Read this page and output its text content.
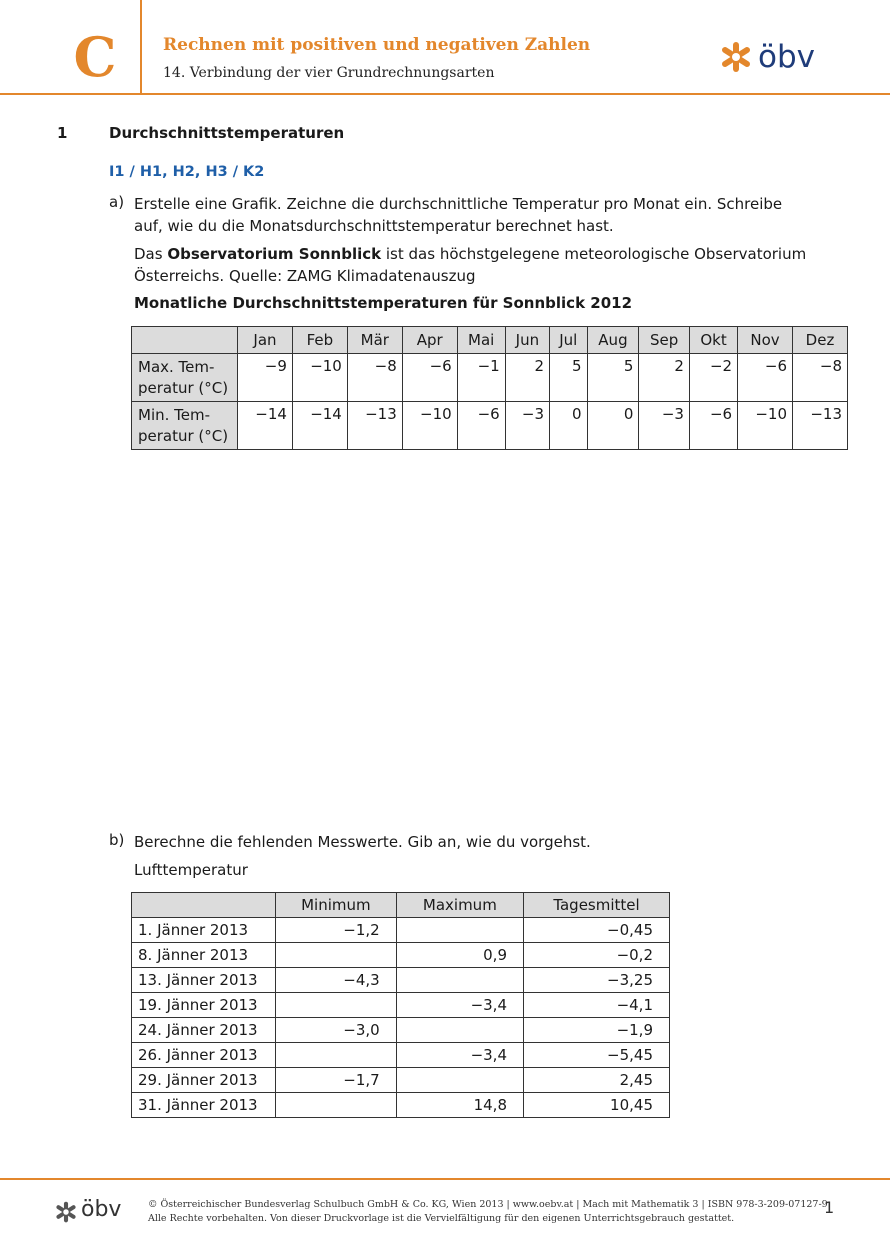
C	Rechnen mit positiven und negativen Zahlen
14. Verbindung der vier Grundrechnungsarten	öbv
1	Durchschnittstemperaturen
I1 / H1, H2, H3 / K2
a) Erstelle eine Grafik. Zeichne die durchschnittliche Temperatur pro Monat ein. Schreibe auf, wie du die Monatsdurchschnittstemperatur berechnet hast.
Das Observatorium Sonnblick ist das höchstgelegene meteorologische Observatorium Österreichs. Quelle: ZAMG Klimadatenauszug
Monatliche Durchschnittstemperaturen für Sonnblick 2012
	Jan	Feb	Mär	Apr	Mai	Jun	Jul	Aug	Sep	Okt	Nov	Dez
Max. Tem-
peratur (°C)	−9	−10	−8	−6	−1	2	5	5	2	−2	−6	−8
Min. Tem-
peratur (°C)	−14	−14	−13	−10	−6	−3	0	0	−3	−6	−10	−13
b) Berechne die fehlenden Messwerte. Gib an, wie du vorgehst.
Lufttemperatur
	Minimum	Maximum	Tagesmittel
1. Jänner 2013	−1,2		−0,45
8. Jänner 2013		0,9	−0,2
13. Jänner 2013	−4,3		−3,25
19. Jänner 2013		−3,4	−4,1
24. Jänner 2013	−3,0		−1,9
26. Jänner 2013		−3,4	−5,45
29. Jänner 2013	−1,7		2,45
31. Jänner 2013		14,8	10,45
öbv	© Österreichischer Bundesverlag Schulbuch GmbH & Co. KG, Wien 2013 | www.oebv.at | Mach mit Mathematik 3 | ISBN 978-3-209-07127-9
Alle Rechte vorbehalten. Von dieser Druckvorlage ist die Vervielfältigung für den eigenen Unterrichtsgebrauch gestattet.
1
